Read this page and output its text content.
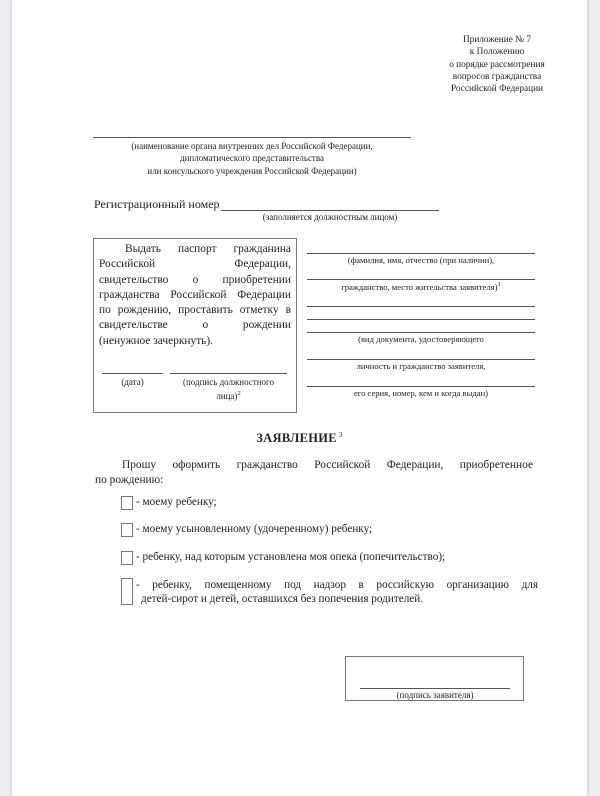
Приложение № 7
к Положению
о порядке рассмотрения
вопросов гражданства
Российской Федерации
(наименование органа внутренних дел Российской Федерации,
дипломатического представительства
или консульского учреждения Российской Федерации)
Регистрационный номер
(заполняется должностным лицом)
Выдать паспорт гражданина
Российской	Федерации,
свидетельство о приобретении
гражданства Российской Федерации
по рождению, проставить отметку в
свидетельстве	о	рождении
(ненужное зачеркнуть).
(дата)	(подпись должностного
лица)$^2$
(фамилия, имя, отчество (при наличии),
гражданство, место жительства заявителя)$^1$
(вид документа, удостоверяющего
личность и гражданство заявителя,
его серия, номер, кем и когда выдан)
ЗАЯВЛЕНИЕ $^3$
Прошу оформить гражданство Российской Федерации, приобретенное
по рождению:
- моему ребенку;
- моему усыновленному (удочеренному) ребенку;
- ребенку, над которым установлена моя опека (попечительство);
- ребенку, помещенному под надзор в российскую организацию для
детей-сирот и детей, оставшихся без попечения родителей.
(подпись заявителя)
